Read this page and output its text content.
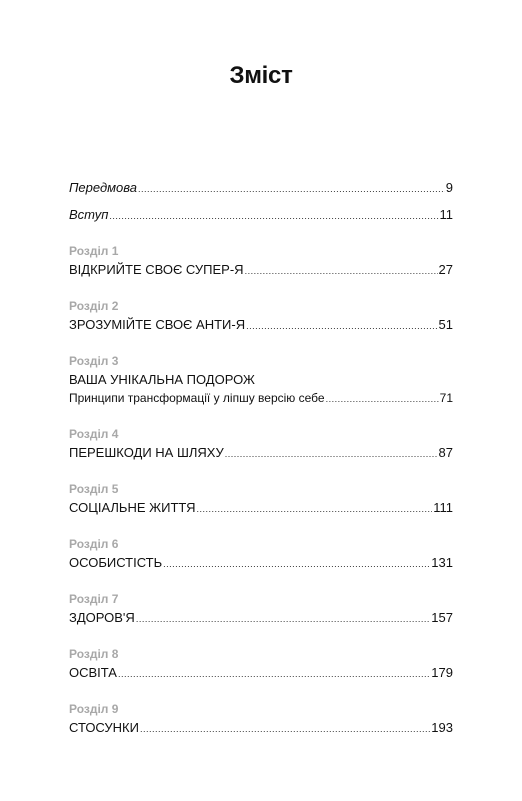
Зміст
Передмова .....	9
Вступ .....	11
Розділ 1
ВІДКРИЙТЕ СВОЄ СУПЕР-Я .....	27
Розділ 2
ЗРОЗУМІЙТЕ СВОЄ АНТИ-Я .....	51
Розділ 3
ВАША УНІКАЛЬНА ПОДОРОЖ
Принципи трансформації у ліпшу версію себе .....	71
Розділ 4
ПЕРЕШКОДИ НА ШЛЯХУ .....	87
Розділ 5
СОЦІАЛЬНЕ ЖИТТЯ .....	111
Розділ 6
ОСОБИСТІСТЬ .....	131
Розділ 7
ЗДОРОВ'Я .....	157
Розділ 8
ОСВІТА .....	179
Розділ 9
СТОСУНКИ .....	193
